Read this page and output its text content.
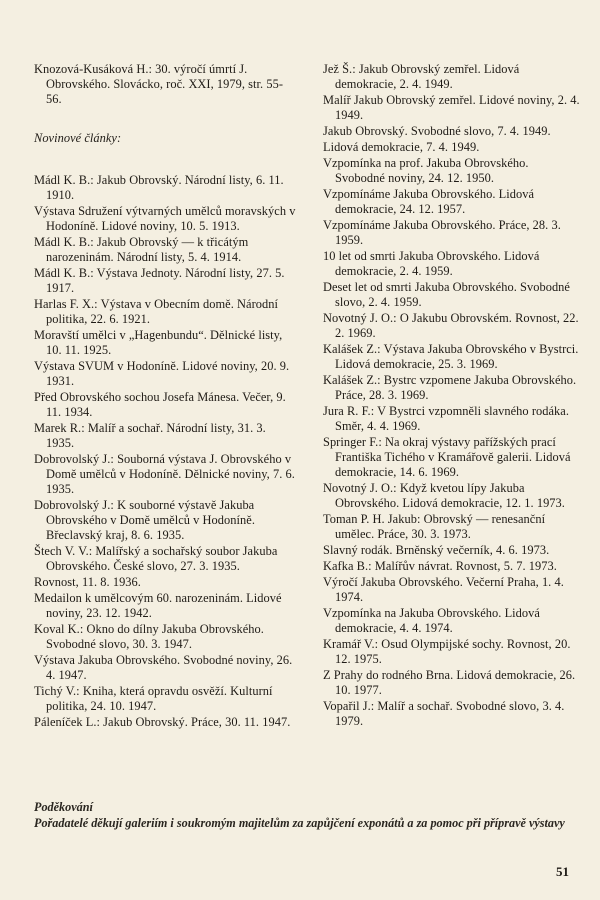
Knozová-Kusáková H.: 30. výročí úmrtí J. Obrovského. Slovácko, roč. XXI, 1979, str. 55-56.

Novinové články:

Mádl K. B.: Jakub Obrovský. Národní listy, 6. 11. 1910.

Výstava Sdružení výtvarných umělců moravských v Hodoníně. Lidové noviny, 10. 5. 1913.

Mádl K. B.: Jakub Obrovský — k třicátým narozeninám. Národní listy, 5. 4. 1914.

Mádl K. B.: Výstava Jednoty. Národní listy, 27. 5. 1917.

Harlas F. X.: Výstava v Obecním domě. Národní politika, 22. 6. 1921.

Moravští umělci v „Hagenbundu“. Dělnické listy, 10. 11. 1925.

Výstava SVUM v Hodoníně. Lidové noviny, 20. 9. 1931.

Před Obrovského sochou Josefa Mánesa. Večer, 9. 11. 1934.

Marek R.: Malíř a sochař. Národní listy, 31. 3. 1935.

Dobrovolský J.: Souborná výstava J. Obrovského v Domě umělců v Hodoníně. Dělnické noviny, 7. 6. 1935.

Dobrovolský J.: K souborné výstavě Jakuba Obrovského v Domě umělců v Hodoníně. Břeclavský kraj, 8. 6. 1935.

Štech V. V.: Malířský a sochařský soubor Jakuba Obrovského. České slovo, 27. 3. 1935.

Rovnost, 11. 8. 1936.

Medailon k umělcovým 60. narozeninám. Lidové noviny, 23. 12. 1942.

Koval K.: Okno do dílny Jakuba Obrovského. Svobodné slovo, 30. 3. 1947.

Výstava Jakuba Obrovského. Svobodné noviny, 26. 4. 1947.

Tichý V.: Kniha, která opravdu osvěží. Kulturní politika, 24. 10. 1947.

Páleníček L.: Jakub Obrovský. Práce, 30. 11. 1947.

Jež Š.: Jakub Obrovský zemřel. Lidová demokracie, 2. 4. 1949.

Malíř Jakub Obrovský zemřel. Lidové noviny, 2. 4. 1949.

Jakub Obrovský. Svobodné slovo, 7. 4. 1949.

Lidová demokracie, 7. 4. 1949.

Vzpomínka na prof. Jakuba Obrovského. Svobodné noviny, 24. 12. 1950.

Vzpomínáme Jakuba Obrovského. Lidová demokracie, 24. 12. 1957.

Vzpomínáme Jakuba Obrovského. Práce, 28. 3. 1959.

10 let od smrti Jakuba Obrovského. Lidová demokracie, 2. 4. 1959.

Deset let od smrti Jakuba Obrovského. Svobodné slovo, 2. 4. 1959.

Novotný J. O.: O Jakubu Obrovském. Rovnost, 22. 2. 1969.

Kalášek Z.: Výstava Jakuba Obrovského v Bystrci. Lidová demokracie, 25. 3. 1969.

Kalášek Z.: Bystrc vzpomene Jakuba Obrovského. Práce, 28. 3. 1969.

Jura R. F.: V Bystrci vzpomněli slavného rodáka. Směr, 4. 4. 1969.

Springer F.: Na okraj výstavy pařížských prací Františka Tichého v Kramářově galerii. Lidová demokracie, 14. 6. 1969.

Novotný J. O.: Když kvetou lípy Jakuba Obrovského. Lidová demokracie, 12. 1. 1973.

Toman P. H. Jakub: Obrovský — renesanční umělec. Práce, 30. 3. 1973.

Slavný rodák. Brněnský večerník, 4. 6. 1973.

Kafka B.: Malířův návrat. Rovnost, 5. 7. 1973.

Výročí Jakuba Obrovského. Večerní Praha, 1. 4. 1974.

Vzpomínka na Jakuba Obrovského. Lidová demokracie, 4. 4. 1974.

Kramář V.: Osud Olympijské sochy. Rovnost, 20. 12. 1975.

Z Prahy do rodného Brna. Lidová demokracie, 26. 10. 1977.

Vopařil J.: Malíř a sochař. Svobodné slovo, 3. 4. 1979.

Poděkování

Pořadatelé děkují galeriím i soukromým majitelům za zapůjčení exponátů a za pomoc při přípravě výstavy

51
